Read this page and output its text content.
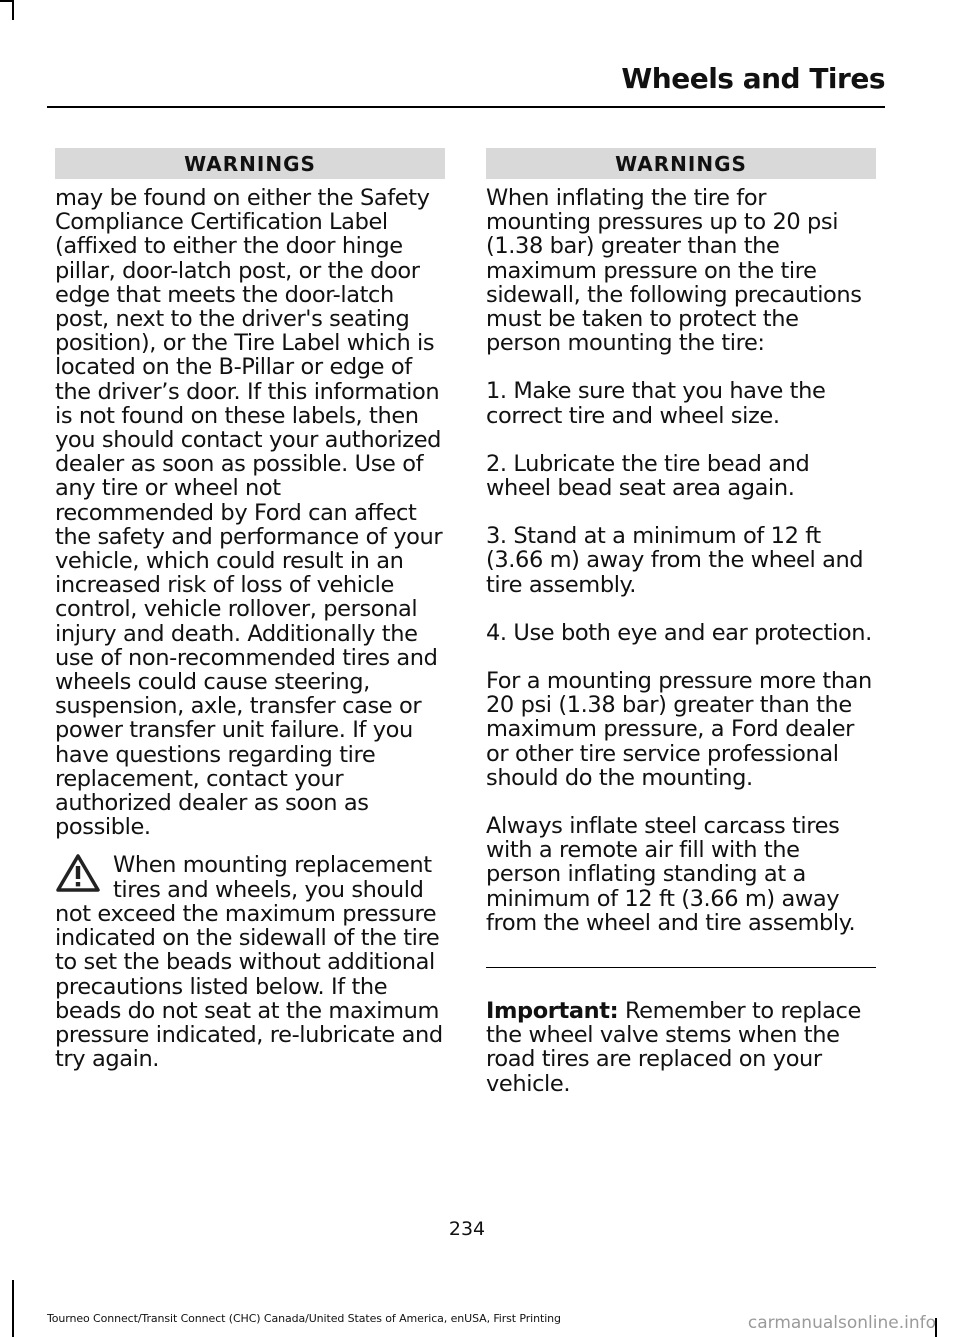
Wheels and Tires
WARNINGS

may be found on either the Safety Compliance Certification Label (affixed to either the door hinge pillar, door-latch post, or the door edge that meets the door-latch post, next to the driver's seating position), or the Tire Label which is located on the B-Pillar or edge of the driver’s door. If this information is not found on these labels, then you should contact your authorized dealer as soon as possible. Use of any tire or wheel not recommended by Ford can affect the safety and performance of your vehicle, which could result in an increased risk of loss of vehicle control, vehicle rollover, personal injury and death. Additionally the use of non-recommended tires and wheels could cause steering, suspension, axle, transfer case or power transfer unit failure. If you have questions regarding tire replacement, contact your authorized dealer as soon as possible.

When mounting replacement tires and wheels, you should not exceed the maximum pressure indicated on the sidewall of the tire to set the beads without additional precautions listed below. If the beads do not seat at the maximum pressure indicated, re-lubricate and try again.

WARNINGS

When inflating the tire for mounting pressures up to 20 psi (1.38 bar) greater than the maximum pressure on the tire sidewall, the following precautions must be taken to protect the person mounting the tire:

1. Make sure that you have the correct tire and wheel size.

2. Lubricate the tire bead and wheel bead seat area again.

3. Stand at a minimum of 12 ft (3.66 m) away from the wheel and tire assembly.

4. Use both eye and ear protection.

For a mounting pressure more than 20 psi (1.38 bar) greater than the maximum pressure, a Ford dealer or other tire service professional should do the mounting.

Always inflate steel carcass tires with a remote air fill with the person inflating standing at a minimum of 12 ft (3.66 m) away from the wheel and tire assembly.

Important: Remember to replace the wheel valve stems when the road tires are replaced on your vehicle.

234
Tourneo Connect/Transit Connect (CHC) Canada/United States of America, enUSA, First Printing	carmanualsonline.info
